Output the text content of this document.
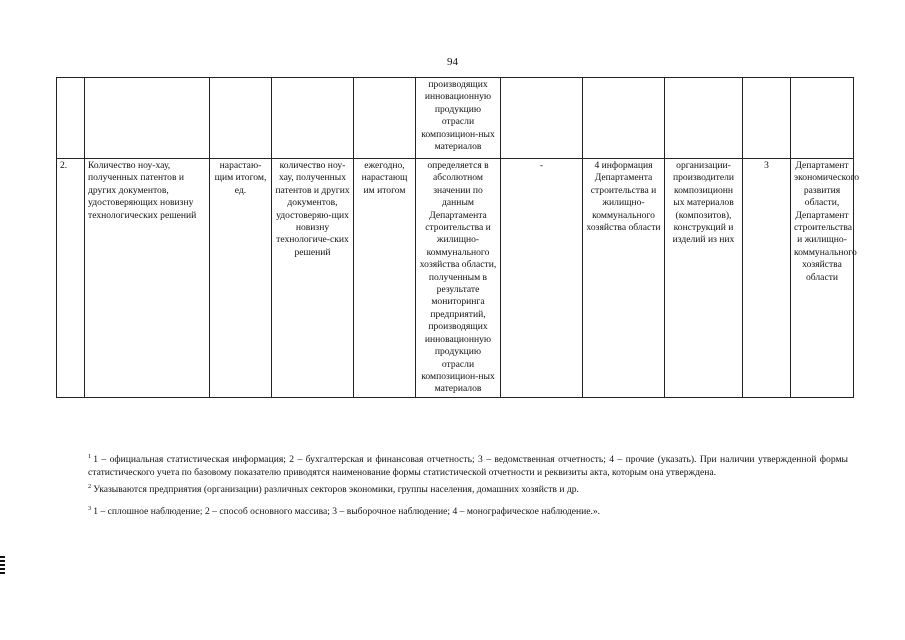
94
					производящих инновационную продукцию отрасли композицион-ных материалов					
2.	Количество ноу-хау, полученных патентов и других документов, удостоверяющих новизну технологических решений	нарастаю-щим итогом, ед.	количество ноу-хау, полученных патентов и других документов, удостоверяю-щих новизну технологиче-ских решений	ежегодно, нарастающ им итогом	определяется в абсолютном значении по данным Департамента строительства и жилищно-коммунального хозяйства области, полученным в результате мониторинга предприятий, производящих инновационную продукцию отрасли композицион-ных материалов	-	4 информация Департамента строительства и жилищно-коммунального хозяйства области	организации-производители композиционн ых материалов (композитов), конструкций и изделий из них	3	Департамент экономического развития области, Департамент строительства и жилищно-коммунального хозяйства области

$^1$ 1 – официальная статистическая информация; 2 – бухгалтерская и финансовая отчетность; 3 – ведомственная отчетность; 4 – прочие (указать). При наличии утвержденной формы статистического учета по базовому показателю приводятся наименование формы статистической отчетности и реквизиты акта, которым она утверждена.

$^2$ Указываются предприятия (организации) различных секторов экономики, группы населения, домашних хозяйств и др.

$^3$ 1 – сплошное наблюдение; 2 – способ основного массива; 3 – выборочное наблюдение; 4 – монографическое наблюдение.».
